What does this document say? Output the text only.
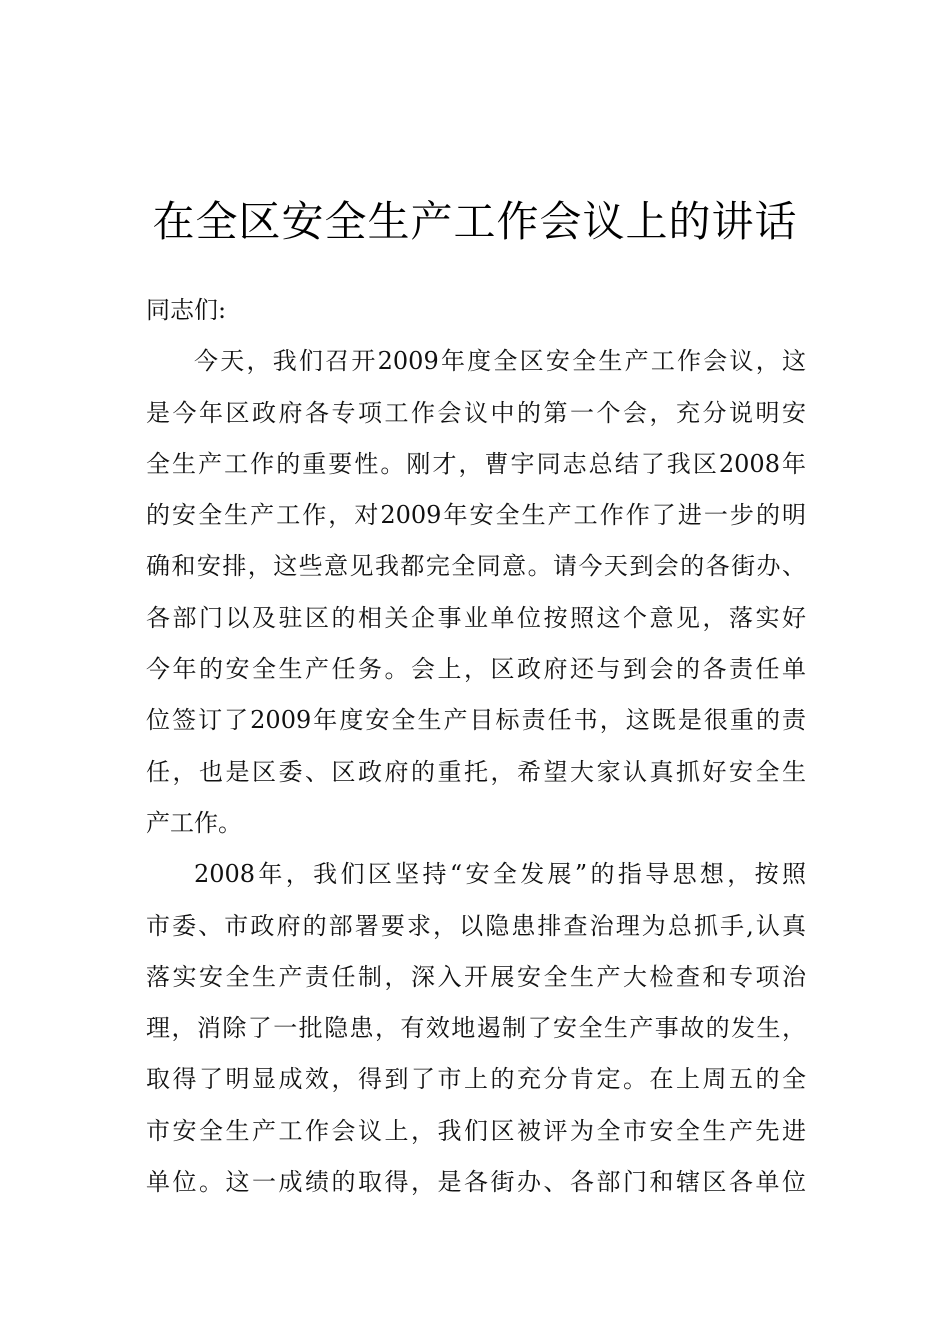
在全区安全生产工作会议上的讲话

同志们:

今天，我们召开2009年度全区安全生产工作会议，这
是今年区政府各专项工作会议中的第一个会，充分说明安
全生产工作的重要性。刚才，曹宇同志总结了我区2008年
的安全生产工作，对2009年安全生产工作作了进一步的明
确和安排，这些意见我都完全同意。请今天到会的各街办、
各部门以及驻区的相关企事业单位按照这个意见，落实好
今年的安全生产任务。会上，区政府还与到会的各责任单
位签订了2009年度安全生产目标责任书，这既是很重的责
任，也是区委、区政府的重托，希望大家认真抓好安全生
产工作。
2008年，我们区坚持“安全发展”的指导思想，按照
市委、市政府的部署要求，以隐患排查治理为总抓手,认真
落实安全生产责任制，深入开展安全生产大检查和专项治
理，消除了一批隐患，有效地遏制了安全生产事故的发生，
取得了明显成效，得到了市上的充分肯定。在上周五的全
市安全生产工作会议上，我们区被评为全市安全生产先进
单位。这一成绩的取得，是各街办、各部门和辖区各单位
